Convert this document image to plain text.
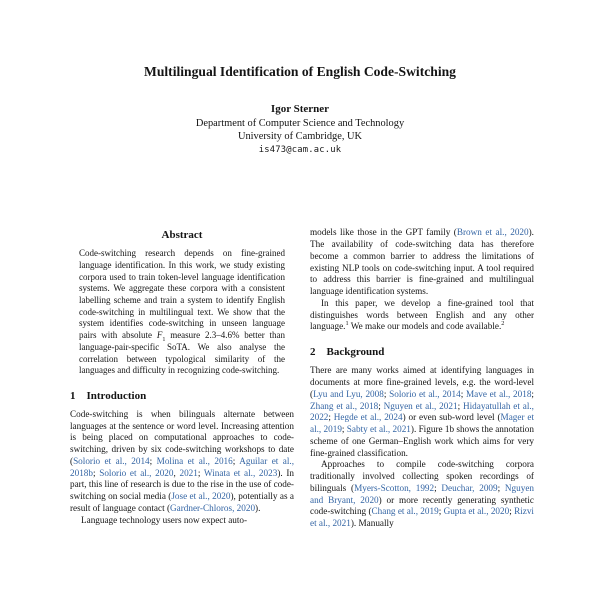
Multilingual Identification of English Code-Switching
Igor Sterner
Department of Computer Science and Technology
University of Cambridge, UK
is473@cam.ac.uk
Abstract
Code-switching research depends on fine-grained language identification. In this work, we study existing corpora used to train token-level language identification systems. We aggregate these corpora with a consistent labelling scheme and train a system to identify English code-switching in multilingual text. We show that the system identifies code-switching in unseen language pairs with absolute $F_1$ measure 2.3–4.6% better than language-pair-specific SoTA. We also analyse the correlation between typological similarity of the languages and difficulty in recognizing code-switching.
1 Introduction

Code-switching is when bilinguals alternate between languages at the sentence or word level. Increasing attention is being placed on computational approaches to code-switching, driven by six code-switching workshops to date (Solorio et al., 2014; Molina et al., 2016; Aguilar et al., 2018b; Solorio et al., 2020, 2021; Winata et al., 2023). In part, this line of research is due to the rise in the use of code-switching on social media (Jose et al., 2020), potentially as a result of language contact (Gardner-Chloros, 2020).

Language technology users now expect auto-

models like those in the GPT family (Brown et al., 2020). The availability of code-switching data has therefore become a common barrier to address the limitations of existing NLP tools on code-switching input. A tool required to address this barrier is fine-grained and multilingual language identification systems.

In this paper, we develop a fine-grained tool that distinguishes words between English and any other language.$^1$ We make our models and code available.$^2$

2 Background

There are many works aimed at identifying languages in documents at more fine-grained levels, e.g. the word-level (Lyu and Lyu, 2008; Solorio et al., 2014; Mave et al., 2018; Zhang et al., 2018; Nguyen et al., 2021; Hidayatullah et al., 2022; Hegde et al., 2024) or even sub-word level (Mager et al., 2019; Sabty et al., 2021). Figure 1b shows the annotation scheme of one German–English work which aims for very fine-grained classification.

Approaches to compile code-switching corpora traditionally involved collecting spoken recordings of bilinguals (Myers-Scotton, 1992; Deuchar, 2009; Nguyen and Bryant, 2020) or more recently generating synthetic code-switching (Chang et al., 2019; Gupta et al., 2020; Rizvi et al., 2021). Manually
